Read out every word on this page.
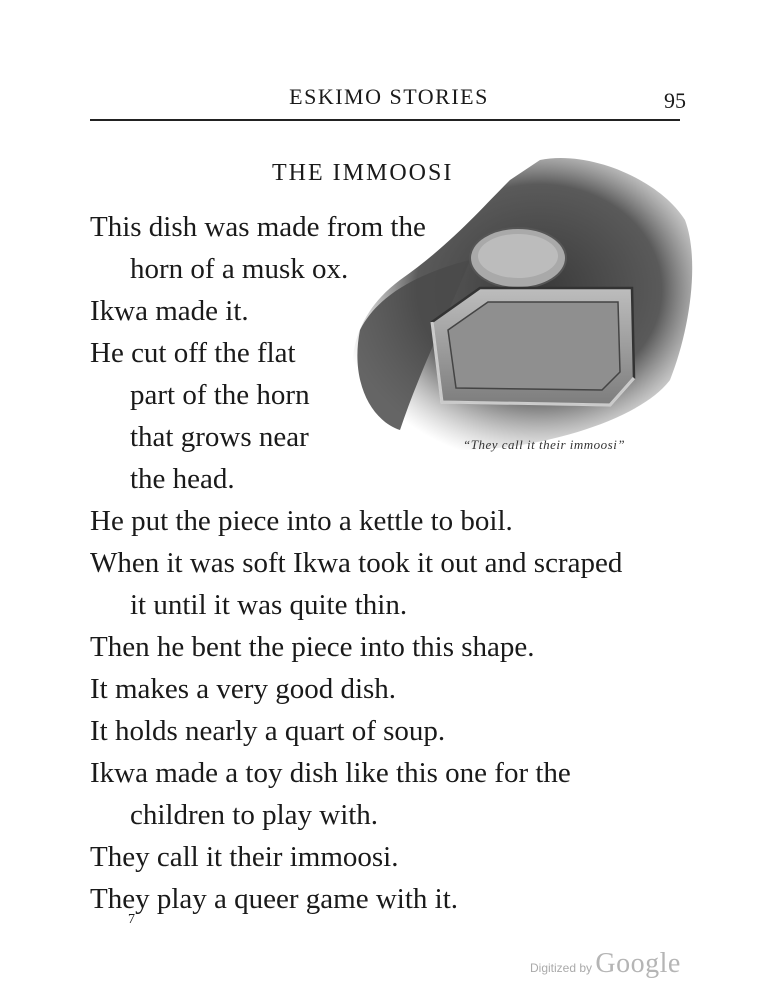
ESKIMO STORIES	95
“They call it their immoosi”
THE IMMOOSI
This dish was made from the
horn of a musk ox.
Ikwa made it.
He cut off the flat
part of the horn
that grows near
the head.
He put the piece into a kettle to boil.
When it was soft Ikwa took it out and scraped
it until it was quite thin.
Then he bent the piece into this shape.
It makes a very good dish.
It holds nearly a quart of soup.
Ikwa made a toy dish like this one for the
children to play with.
They call it their immoosi.
They play a queer game with it.
7
Digitized by Google
